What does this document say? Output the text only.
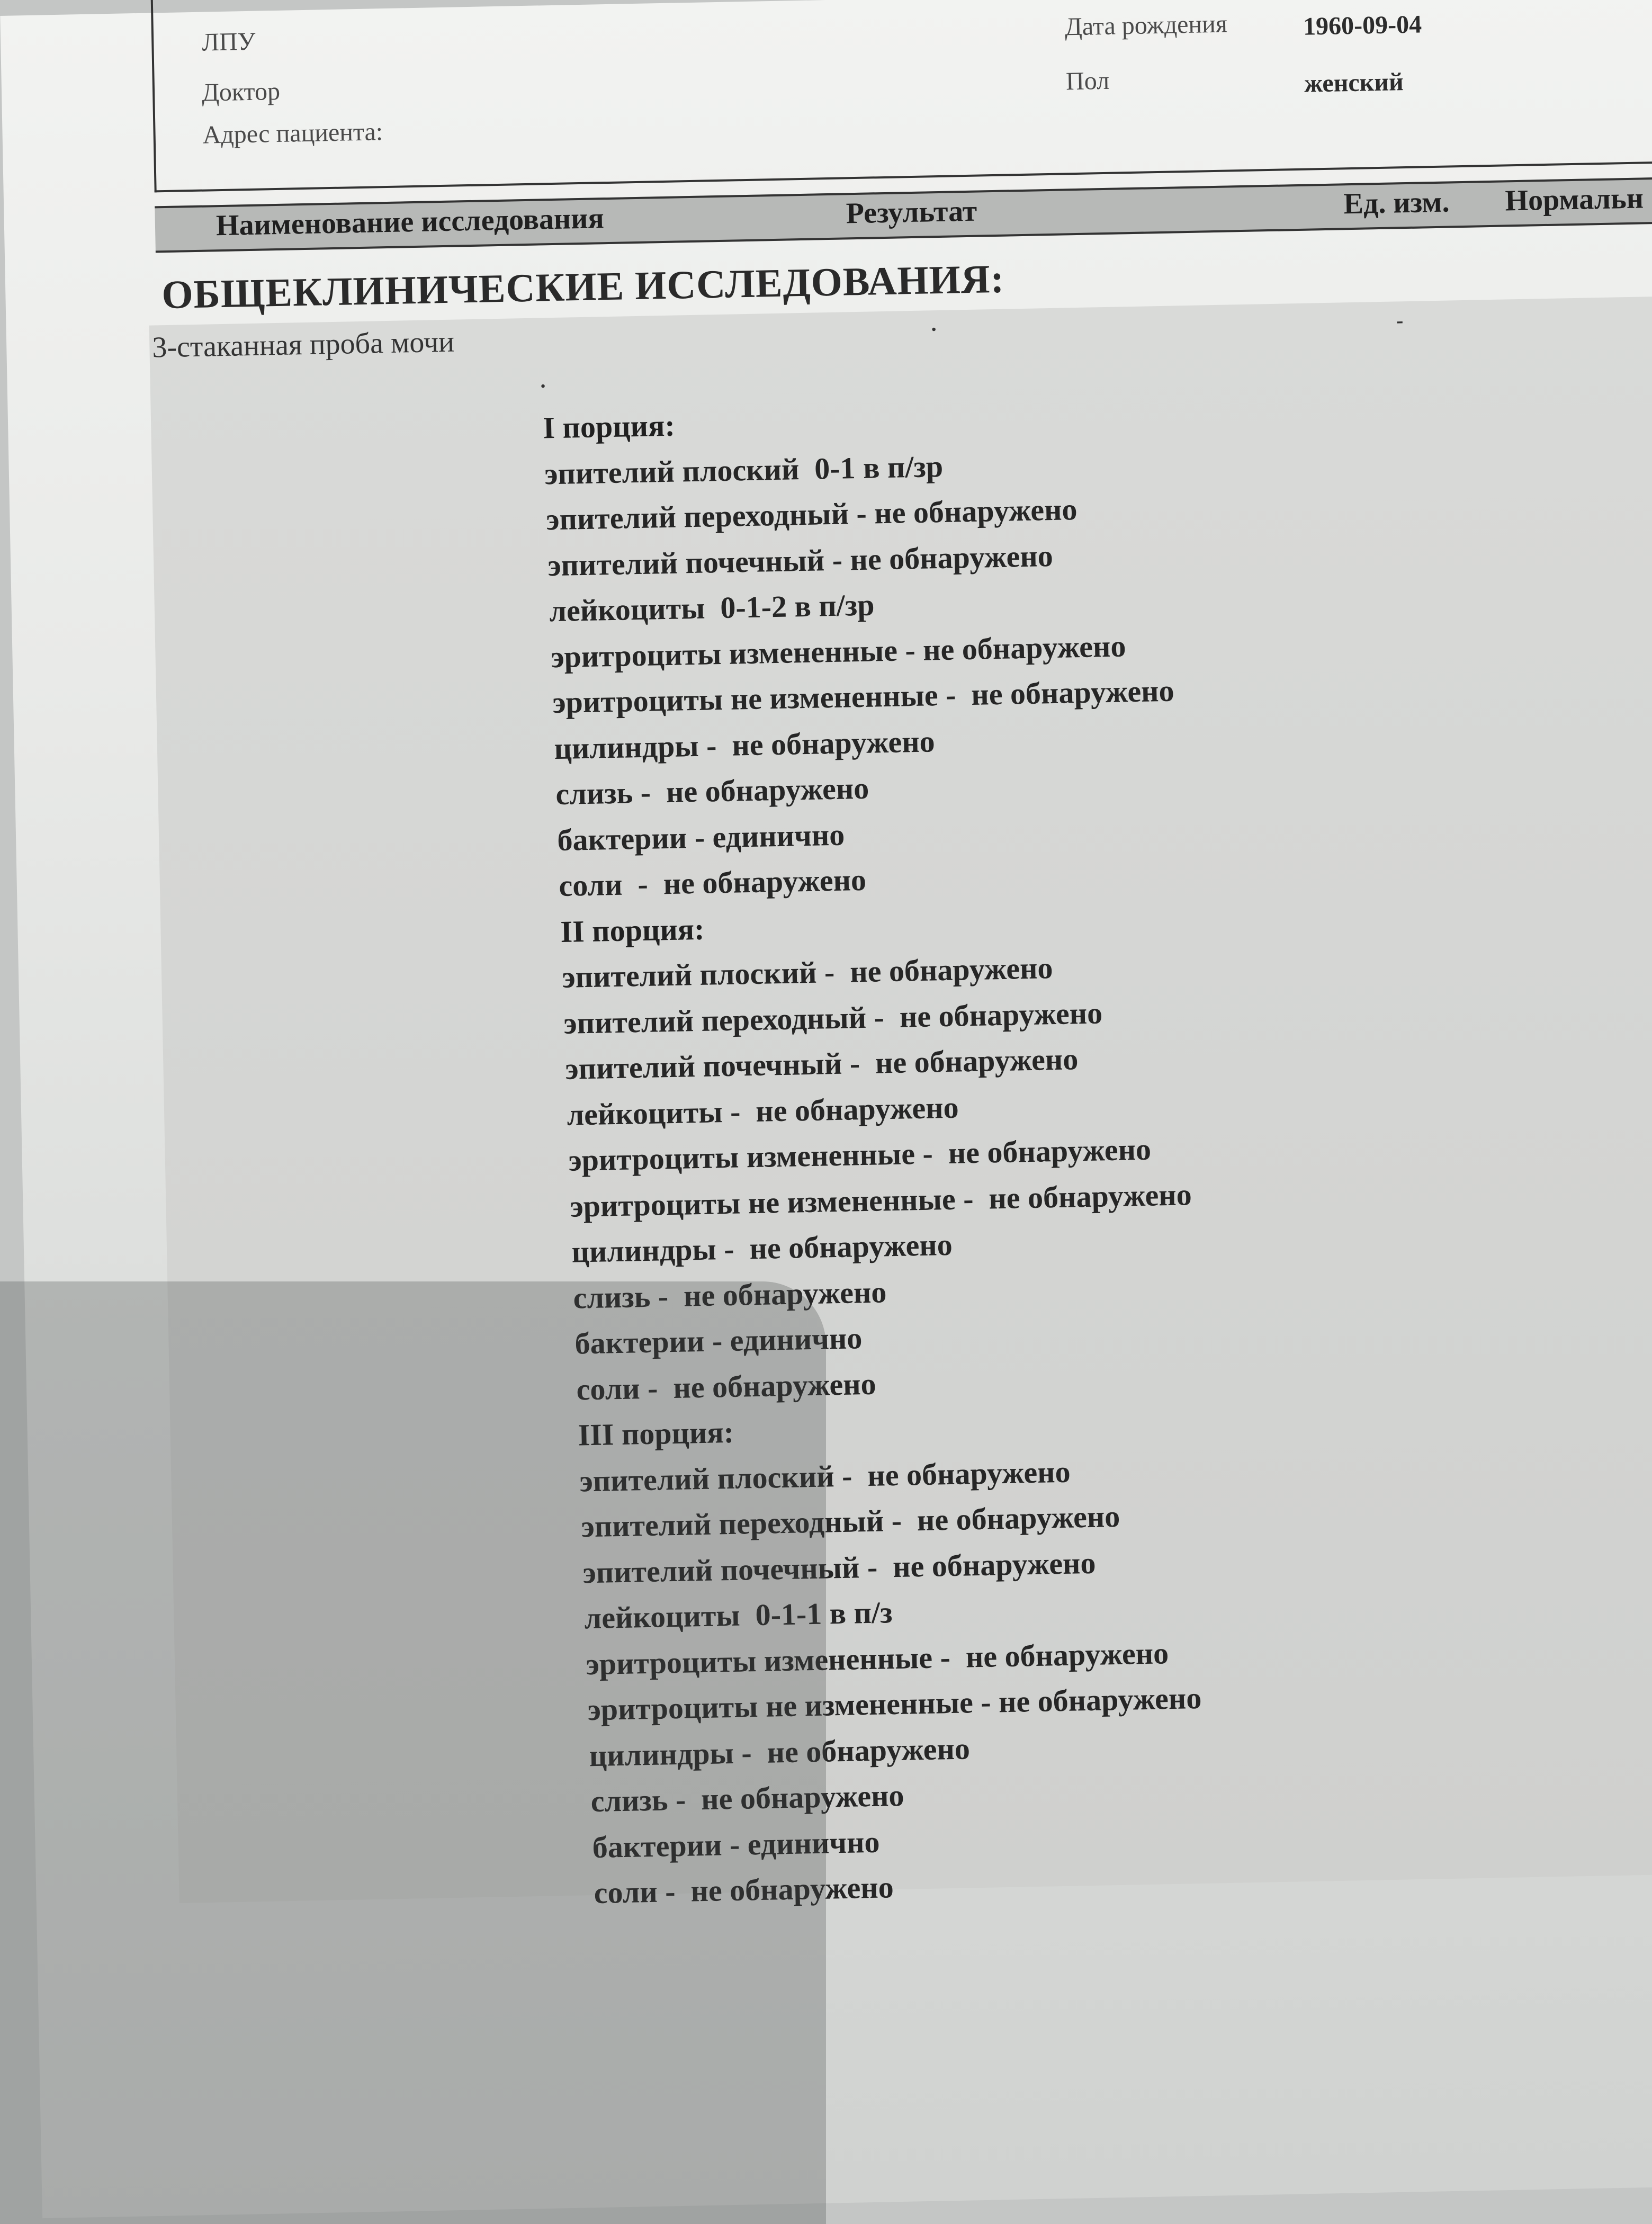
ЛПУ
Доктор
Адрес пациента:
Дата рождения	1960-09-04
Пол	женский
Наименование исследования	Результат	Ед. изм. Нормальн
ОБЩЕКЛИНИЧЕСКИЕ ИССЛЕДОВАНИЯ:
3-стаканная проба мочи	·	-
·
I порция:
эпителий плоский  0-1 в п/зр
эпителий переходный - не обнаружено
эпителий почечный - не обнаружено
лейкоциты  0-1-2 в п/зр
эритроциты измененные - не обнаружено
эритроциты не измененные -  не обнаружено
цилиндры -  не обнаружено
слизь -  не обнаружено
бактерии - единично
соли  -  не обнаружено
II порция:
эпителий плоский -  не обнаружено
эпителий переходный -  не обнаружено
эпителий почечный -  не обнаружено
лейкоциты -  не обнаружено
эритроциты измененные -  не обнаружено
эритроциты не измененные -  не обнаружено
цилиндры -  не обнаружено
слизь -  не обнаружено
бактерии - единично
соли -  не обнаружено
III порция:
эпителий плоский -  не обнаружено
эпителий переходный -  не обнаружено
эпителий почечный -  не обнаружено
лейкоциты  0-1-1 в п/з
эритроциты измененные -  не обнаружено
эритроциты не измененные - не обнаружено
цилиндры -  не обнаружено
слизь -  не обнаружено
бактерии - единично
соли -  не обнаружено
